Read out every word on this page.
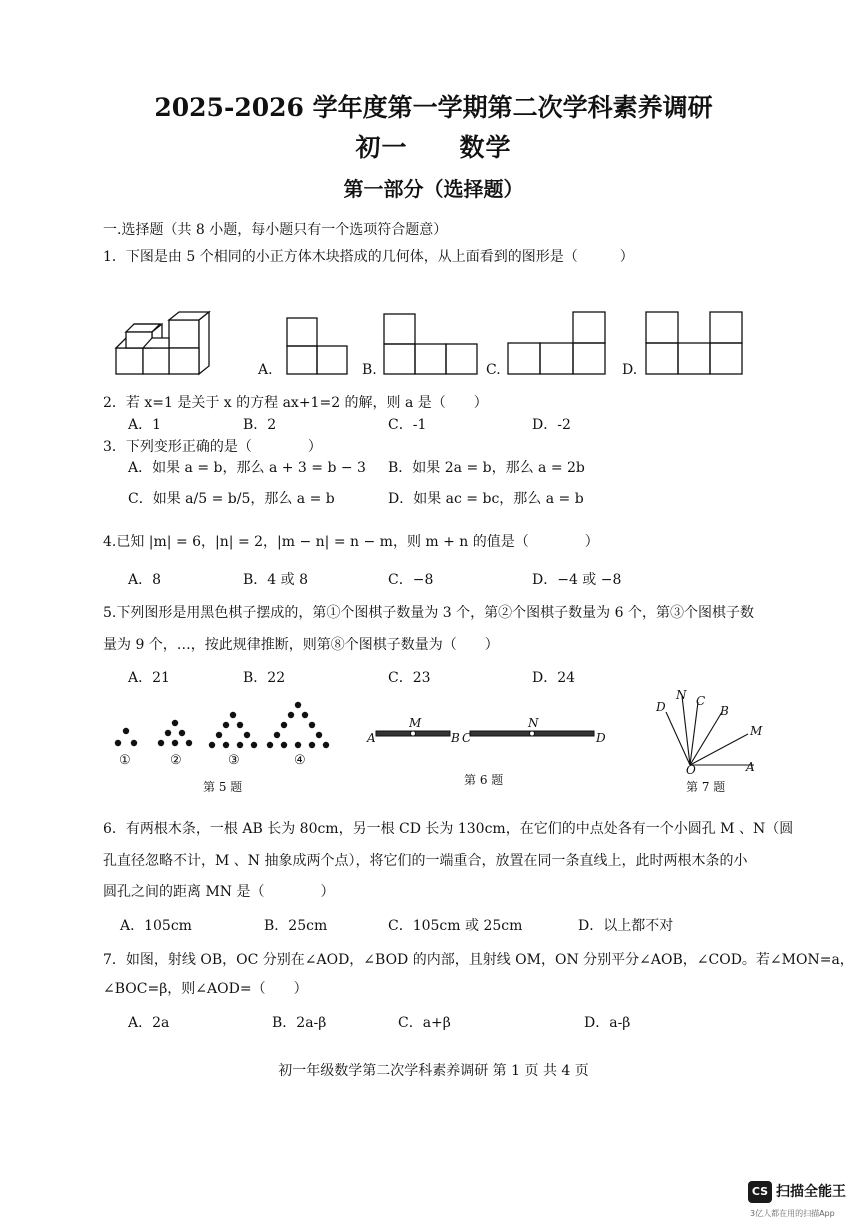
2025-2026 学年度第一学期第二次学科素养调研
初一　　数学
第一部分（选择题）
一.选择题（共 8 小题，每小题只有一个选项符合题意）
1．下图是由 5 个相同的小正方体木块搭成的几何体，从上面看到的图形是（　　　）
A.	B.	C.	D.
2．若 x=1 是关于 x 的方程 ax+1=2 的解，则 a 是（　　）
A．1	B．2	C．-1	D．-2
3．下列变形正确的是（　　　　）
A．如果 a = b，那么 a + 3 = b − 3 B．如果 2a = b，那么 a = 2b
C．如果 a/5 = b/5，那么 a = b	D．如果 ac = bc，那么 a = b
4.已知 |m| = 6，|n| = 2，|m − n| = n − m，则 m + n 的值是（　　　　）
A．8	B．4 或 8	C．−8	D．−4 或 −8
5.下列图形是用黑色棋子摆成的，第①个图棋子数量为 3 个，第②个图棋子数量为 6 个，第③个图棋子数
量为 9 个，…，按此规律推断，则第⑧个图棋子数量为（　　）
A．21	B．22	C．23	D．24
①	②	③	④
第 5 题
A
M
B C
N
D
第 6 题
N C
D	B
M
O	A
第 7 题
6．有两根木条，一根 AB 长为 80cm，另一根 CD 长为 130cm，在它们的中点处各有一个小圆孔 M 、N（圆
孔直径忽略不计，M 、N 抽象成两个点），将它们的一端重合，放置在同一条直线上，此时两根木条的小
圆孔之间的距离 MN 是（　　　　）
A．105cm	B．25cm	C．105cm 或 25cm	D．以上都不对
7．如图，射线 OB，OC 分别在∠AOD，∠BOD 的内部，且射线 OM，ON 分别平分∠AOB，∠COD。若∠MON=a，
∠BOC=β，则∠AOD=（　　）
A．2a	B．2a-β	C．a+β	D．a-β
初一年级数学第二次学科素养调研 第 1 页 共 4 页
CS 扫描全能王
3亿人都在用的扫描App
